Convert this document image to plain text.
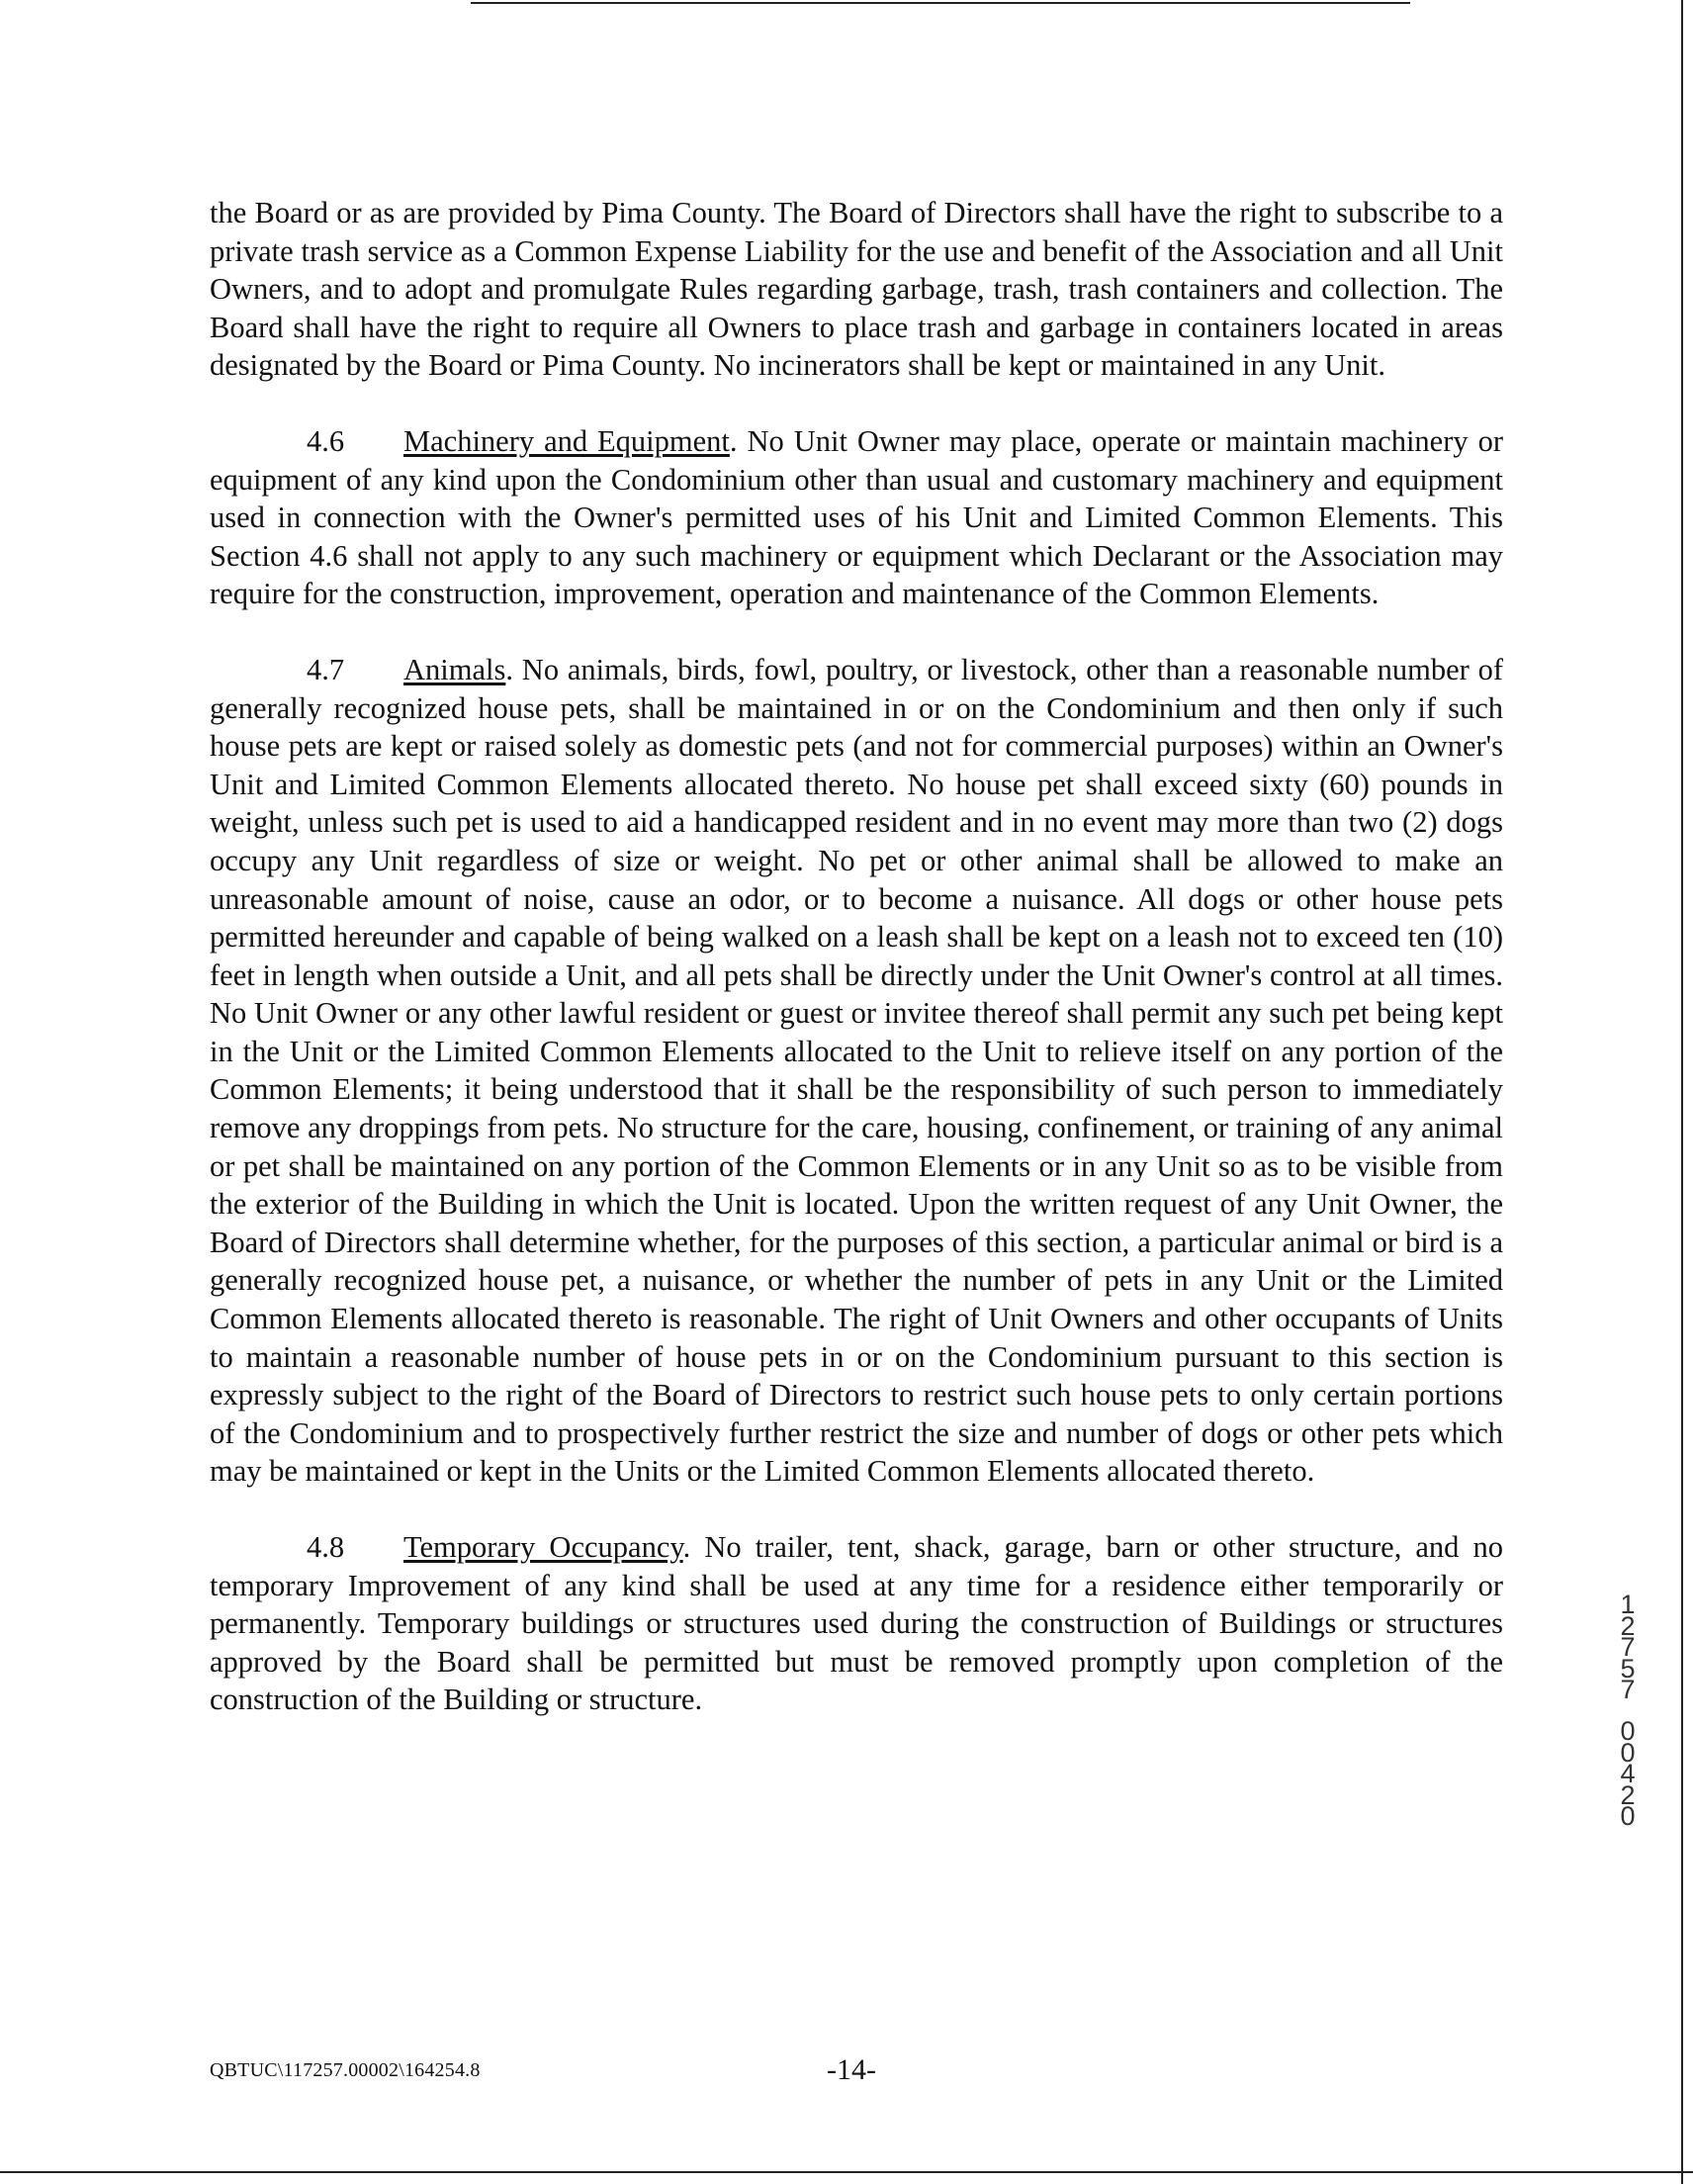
the Board or as are provided by Pima County. The Board of Directors shall have the right to subscribe to a private trash service as a Common Expense Liability for the use and benefit of the Association and all Unit Owners, and to adopt and promulgate Rules regarding garbage, trash, trash containers and collection. The Board shall have the right to require all Owners to place trash and garbage in containers located in areas designated by the Board or Pima County. No incinerators shall be kept or maintained in any Unit.

4.6 Machinery and Equipment. No Unit Owner may place, operate or maintain machinery or equipment of any kind upon the Condominium other than usual and customary machinery and equipment used in connection with the Owner's permitted uses of his Unit and Limited Common Elements. This Section 4.6 shall not apply to any such machinery or equipment which Declarant or the Association may require for the construction, improvement, operation and maintenance of the Common Elements.

4.7 Animals. No animals, birds, fowl, poultry, or livestock, other than a reasonable number of generally recognized house pets, shall be maintained in or on the Condominium and then only if such house pets are kept or raised solely as domestic pets (and not for commercial purposes) within an Owner's Unit and Limited Common Elements allocated thereto. No house pet shall exceed sixty (60) pounds in weight, unless such pet is used to aid a handicapped resident and in no event may more than two (2) dogs occupy any Unit regardless of size or weight. No pet or other animal shall be allowed to make an unreasonable amount of noise, cause an odor, or to become a nuisance. All dogs or other house pets permitted hereunder and capable of being walked on a leash shall be kept on a leash not to exceed ten (10) feet in length when outside a Unit, and all pets shall be directly under the Unit Owner's control at all times. No Unit Owner or any other lawful resident or guest or invitee thereof shall permit any such pet being kept in the Unit or the Limited Common Elements allocated to the Unit to relieve itself on any portion of the Common Elements; it being understood that it shall be the responsibility of such person to immediately remove any droppings from pets. No structure for the care, housing, confinement, or training of any animal or pet shall be maintained on any portion of the Common Elements or in any Unit so as to be visible from the exterior of the Building in which the Unit is located. Upon the written request of any Unit Owner, the Board of Directors shall determine whether, for the purposes of this section, a particular animal or bird is a generally recognized house pet, a nuisance, or whether the number of pets in any Unit or the Limited Common Elements allocated thereto is reasonable. The right of Unit Owners and other occupants of Units to maintain a reasonable number of house pets in or on the Condominium pursuant to this section is expressly subject to the right of the Board of Directors to restrict such house pets to only certain portions of the Condominium and to prospectively further restrict the size and number of dogs or other pets which may be maintained or kept in the Units or the Limited Common Elements allocated thereto.

4.8 Temporary Occupancy. No trailer, tent, shack, garage, barn or other structure, and no temporary Improvement of any kind shall be used at any time for a residence either temporarily or permanently. Temporary buildings or structures used during the construction of Buildings or structures approved by the Board shall be permitted but must be removed promptly upon completion of the construction of the Building or structure.

QBTUC\117257.00002\164254.8	-14-
1
2
7
5
7
0
0
4
2
0
